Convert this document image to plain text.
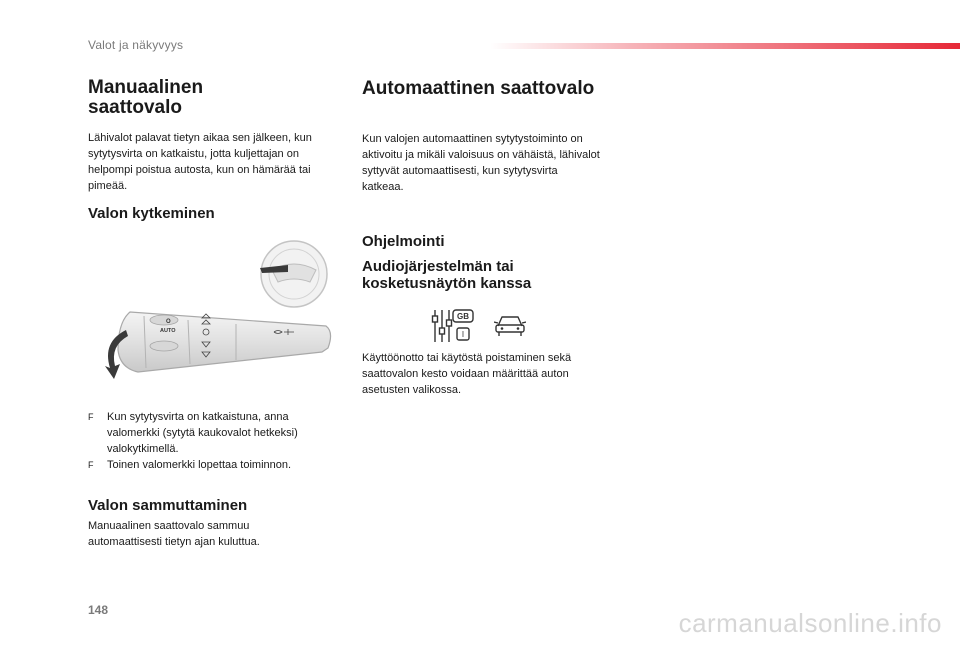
Valot ja näkyvyys
Manuaalinen
saattovalo

Lähivalot palavat tietyn aikaa sen jälkeen, kun sytytysvirta on katkaistu, jotta kuljettajan on helpompi poistua autosta, kun on hämärää tai pimeää.

Valon kytkeminen
O
AUTO
F Kun sytytysvirta on katkaistuna, anna valomerkki (sytytä kaukovalot hetkeksi) valokytkimellä.
F Toinen valomerkki lopettaa toiminnon.
Valon sammuttaminen

Manuaalinen saattovalo sammuu automaattisesti tietyn ajan kuluttua.

Automaattinen saattovalo

Kun valojen automaattinen sytytystoiminto on aktivoitu ja mikäli valoisuus on vähäistä, lähivalot syttyvät automaattisesti, kun sytytysvirta katkeaa.

Ohjelmointi
Audiojärjestelmän tai
kosketusnäytön kanssa
GB
I

Käyttöönotto tai käytöstä poistaminen sekä saattovalon kesto voidaan määrittää auton asetusten valikossa.

148	carmanualsonline.info
